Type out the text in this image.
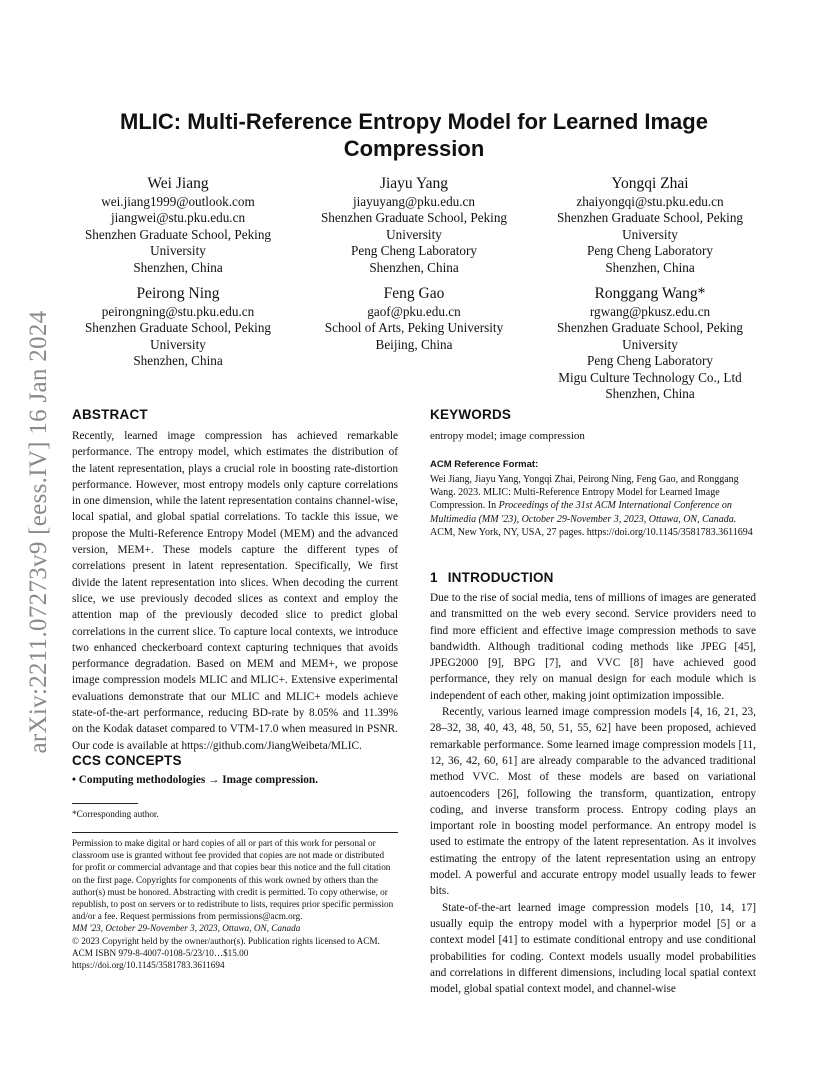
arXiv:2211.07273v9 [eess.IV] 16 Jan 2024
MLIC: Multi-Reference Entropy Model for Learned Image
Compression
Wei Jiang
wei.jiang1999@outlook.com
jiangwei@stu.pku.edu.cn
Shenzhen Graduate School, Peking
University
Shenzhen, China
Jiayu Yang
jiayuyang@pku.edu.cn
Shenzhen Graduate School, Peking
University
Peng Cheng Laboratory
Shenzhen, China
Yongqi Zhai
zhaiyongqi@stu.pku.edu.cn
Shenzhen Graduate School, Peking
University
Peng Cheng Laboratory
Shenzhen, China
Peirong Ning
peirongning@stu.pku.edu.cn
Shenzhen Graduate School, Peking
University
Shenzhen, China
Feng Gao
gaof@pku.edu.cn
School of Arts, Peking University
Beijing, China
Ronggang Wang*
rgwang@pkusz.edu.cn
Shenzhen Graduate School, Peking
University
Peng Cheng Laboratory
Migu Culture Technology Co., Ltd
Shenzhen, China
ABSTRACT

Recently, learned image compression has achieved remarkable performance. The entropy model, which estimates the distribution of the latent representation, plays a crucial role in boosting rate-distortion performance. However, most entropy models only capture correlations in one dimension, while the latent representation contains channel-wise, local spatial, and global spatial correlations. To tackle this issue, we propose the Multi-Reference Entropy Model (MEM) and the advanced version, MEM+. These models capture the different types of correlations present in latent representation. Specifically, We first divide the latent representation into slices. When decoding the current slice, we use previously decoded slices as context and employ the attention map of the previously decoded slice to predict global correlations in the current slice. To capture local contexts, we introduce two enhanced checkerboard context capturing techniques that avoids performance degradation. Based on MEM and MEM+, we propose image compression models MLIC and MLIC+. Extensive experimental evaluations demonstrate that our MLIC and MLIC+ models achieve state-of-the-art performance, reducing BD-rate by 8.05% and 11.39% on the Kodak dataset compared to VTM-17.0 when measured in PSNR. Our code is available at https://github.com/JiangWeibeta/MLIC.

CCS CONCEPTS
• Computing methodologies → Image compression.
*Corresponding author.
Permission to make digital or hard copies of all or part of this work for personal or
classroom use is granted without fee provided that copies are not made or distributed
for profit or commercial advantage and that copies bear this notice and the full citation
on the first page. Copyrights for components of this work owned by others than the
author(s) must be honored. Abstracting with credit is permitted. To copy otherwise, or
republish, to post on servers or to redistribute to lists, requires prior specific permission
and/or a fee. Request permissions from permissions@acm.org.
MM '23, October 29-November 3, 2023, Ottawa, ON, Canada
© 2023 Copyright held by the owner/author(s). Publication rights licensed to ACM.
ACM ISBN 979-8-4007-0108-5/23/10…$15.00
https://doi.org/10.1145/3581783.3611694
KEYWORDS
entropy model; image compression
ACM Reference Format:
Wei Jiang, Jiayu Yang, Yongqi Zhai, Peirong Ning, Feng Gao, and Ronggang Wang. 2023. MLIC: Multi-Reference Entropy Model for Learned Image Compression. In Proceedings of the 31st ACM International Conference on Multimedia (MM '23), October 29-November 3, 2023, Ottawa, ON, Canada. ACM, New York, NY, USA, 27 pages. https://doi.org/10.1145/3581783.3611694
1 INTRODUCTION

Due to the rise of social media, tens of millions of images are generated and transmitted on the web every second. Service providers need to find more efficient and effective image compression methods to save bandwidth. Although traditional coding methods like JPEG [45], JPEG2000 [9], BPG [7], and VVC [8] have achieved good performance, they rely on manual design for each module which is independent of each other, making joint optimization impossible.

Recently, various learned image compression models [4, 16, 21, 23, 28–32, 38, 40, 43, 48, 50, 51, 55, 62] have been proposed, achieved remarkable performance. Some learned image compression models [11, 12, 36, 42, 60, 61] are already comparable to the advanced traditional method VVC. Most of these models are based on variational autoencoders [26], following the transform, quantization, entropy coding, and inverse transform process. Entropy coding plays an important role in boosting model performance. An entropy model is used to estimate the entropy of the latent representation. As it involves estimating the entropy of the latent representation using an entropy model. A powerful and accurate entropy model usually leads to fewer bits.

State-of-the-art learned image compression models [10, 14, 17] usually equip the entropy model with a hyperprior model [5] or a context model [41] to estimate conditional entropy and use conditional probabilities for coding. Context models usually model probabilities and correlations in different dimensions, including local spatial context model, global spatial context model, and channel-wise
